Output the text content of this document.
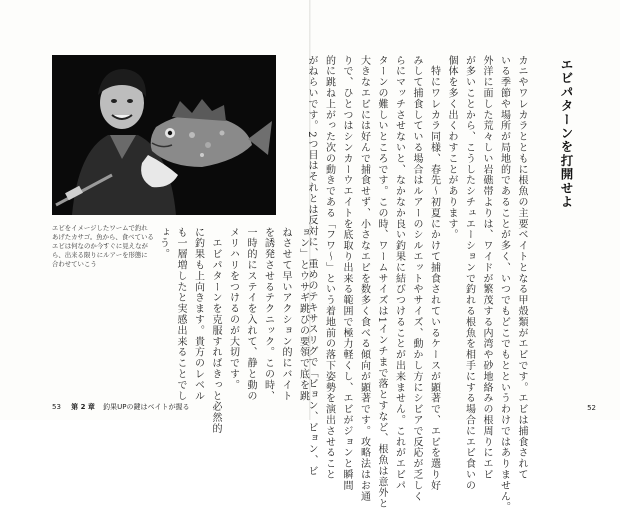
エビをイメージしたワームで釣れ
あげたカサゴ。魚から、食べている
エビは何なのか今すぐに見えなが
ら、出来る限りにルアーを形態に
合わせていこう	ョン」とウサギ跳びの要領で底を跳
ねさせて早いアクション的にバイト
を誘発させるテクニック。この時、
一時的にステイを入れて、静と動の
メリハリをつけるのが大切です。
　エビパターンを克服すればきっと必然的
に釣果も上向きます。貴方のレベル
も一層増したと実感出来ることでし
ょう。
53 第 2 章 釣果UPの鍵はベイトが握る
エビパターンを打開せよ
カニやワレカラとともに根魚の主要ベイトとなる甲殻類がエビです。エビは捕食されて
いる季節や場所が局地的であることが多く、いつでもどこでもとというわけではありません。
外洋に面した荒々しい岩礁帯よりは、ワイドが繁茂する内湾や砂地絡みの根周りにエビ
が多いことから、こうしたシチュエーションで釣れる根魚を相手にする場合にエビ食いの
個体を多く出くわすことがあります。
　特にワレカラ同様、春先〜初夏にかけて捕食されているケースが顕著で、エビを選り好
みして捕食している場合はルアーのシルエットやサイズ、動かし方にシビアで反応が乏しく
らにマッチさせないと、なかなか良い釣果に結びつけることが出来ません。これがエビパ
ターンの難しいところです。この時、ワームサイズは1インチまで落とすなど、根魚は意外と
大きなエビには好んで捕食せず、小さなエビを数多く食べる傾向が顕著です。攻略法はお通
りで、ひとつはシンカーウエイトを底取り出来る範囲で極力軽くし、エビがジョンと瞬間
的に跳ね上がった次の動きである「フワ〜」という着地前の落下姿勢を演出させること
がねらいです。2つ目はそれとは反対に、重めのテキサスリグで「ビョン、ビョン、ビ	52
